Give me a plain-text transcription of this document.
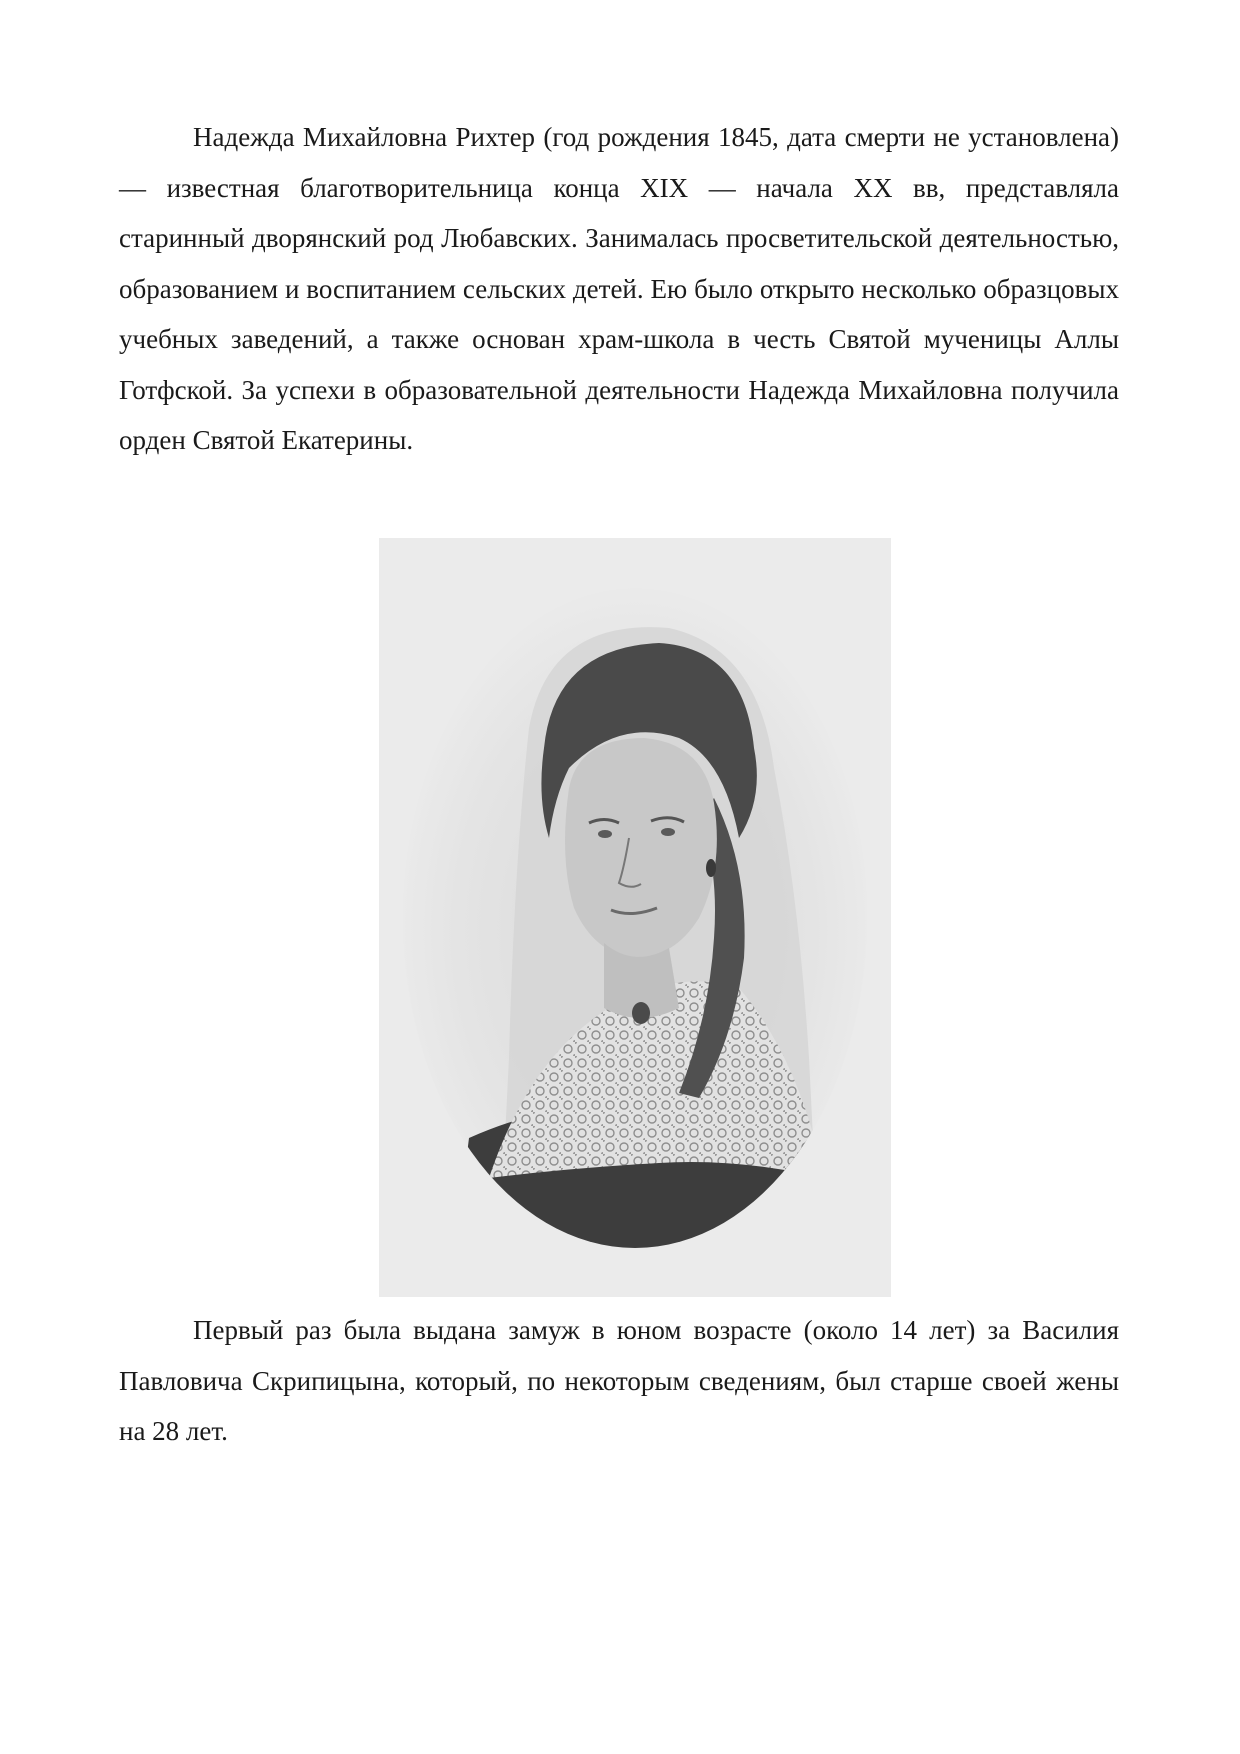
Надежда Михайловна Рихтер (год рождения 1845, дата смерти не установлена) — известная благотворительница конца XIX — начала XX вв, представляла старинный дворянский род Любавских. Занималась просветительской деятельностью, образованием и воспитанием сельских детей. Ею было открыто несколько образцовых учебных заведений, а также основан храм-школа в честь Святой мученицы Аллы Готфской. За успехи в образовательной деятельности Надежда Михайловна получила орден Святой Екатерины.

Первый раз была выдана замуж в юном возрасте (около 14 лет) за Василия Павловича Скрипицына, который, по некоторым сведениям, был старше своей жены на 28 лет.
